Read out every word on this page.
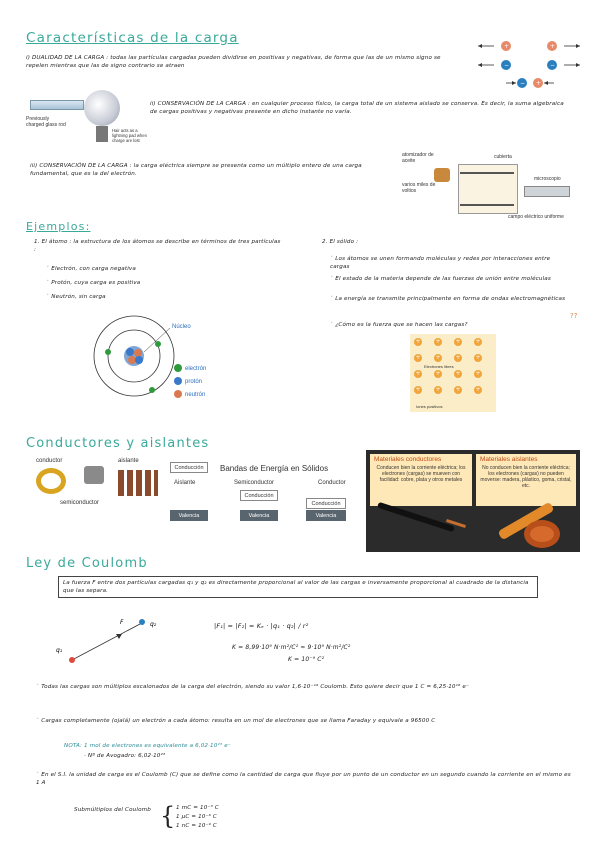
Características de la carga
i) DUALIDAD DE LA CARGA : todas las partículas cargadas pueden dividirse en positivas y negativas, de forma que las de un mismo signo se repelen mientras que las de signo contrario se atraen
+	+
−	−
− +
Previously charged glass rod
Hair acts as a lightning pad when charge are lost
ii) CONSERVACIÓN DE LA CARGA : en cualquier proceso físico, la carga total de un sistema aislado se conserva. Es decir, la suma algebraica de cargas positivas y negativas presente en dicho instante no varía.
iii) CONSERVACIÓN DE LA CARGA : la carga eléctrica siempre se presenta como un múltiplo entero de una carga fundamental, que es la del electrón.
atomizador de aceite
cubierta
microscopio
varios miles de voltios
campo eléctrico uniforme
Ejemplos:
1. El átomo : la estructura de los átomos se describe en términos de tres partículas :
· Electrón, con carga negativa
· Protón, cuya carga es positiva
· Neutrón, sin carga
Núcleo
electrón
protón
neutrón
2. El sólido :
· Los átomos se unen formando moléculas y redes por interacciones entre cargas
· El estado de la materia depende de las fuerzas de unión entre moléculas
· La energía se transmite principalmente en forma de ondas electromagnéticas
· ¿Cómo es la fuerza que se hacen las cargas?
??
+ + + +
+ + + +
+ + + +
+ + + +
Electrones libres
Iones positivos
Conductores y aislantes
conductor	aislante
semiconductor
Conducción	Bandas de Energía en Sólidos
Aislante	Semiconductor	Conductor
Conducción
Conducción
Valencia	Valencia	Valencia
Materiales conductores
Conducen bien la corriente eléctrica; los electrones (cargas) se mueven con facilidad: cobre, plata y otros metales
Materiales aislantes
No conducen bien la corriente eléctrica; los electrones (cargas) no pueden moverse: madera, plástico, goma, cristal, etc.
Ley de Coulomb
La fuerza F entre dos partículas cargadas q₁ y q₂ es directamente proporcional al valor de las cargas e inversamente proporcional al cuadrado de la distancia que las separa.
q₁
q₂
F	|F₁| = |F₂| = Kₑ · |q₁ · q₂| / r²
K = 8,99·10⁹ N·m²/C² ≈ 9·10⁹ N·m²/C²
K = 10⁻⁹ C²
· Todas las cargas son múltiplos escalonados de la carga del electrón, siendo su valor 1,6·10⁻¹⁹ Coulomb. Esto quiere decir que 1 C = 6,25·10¹⁸ e⁻
· Cargas completamente (ojalá) un electrón a cada átomo: resulta en un mol de electrones que se llama Faraday y equivale a 96500 C
NOTA: 1 mol de electrones es equivalente a 6,02·10²³ e⁻
· Nº de Avogadro: 6,02·10²³
· En el S.I. la unidad de carga es el Coulomb (C) que se define como la cantidad de carga que fluye por un punto de un conductor en un segundo cuando la corriente en el mismo es 1 A
Submúltiplos del Coulomb { 1 mC = 10⁻³ C
1 μC = 10⁻⁶ C
1 nC = 10⁻⁹ C
